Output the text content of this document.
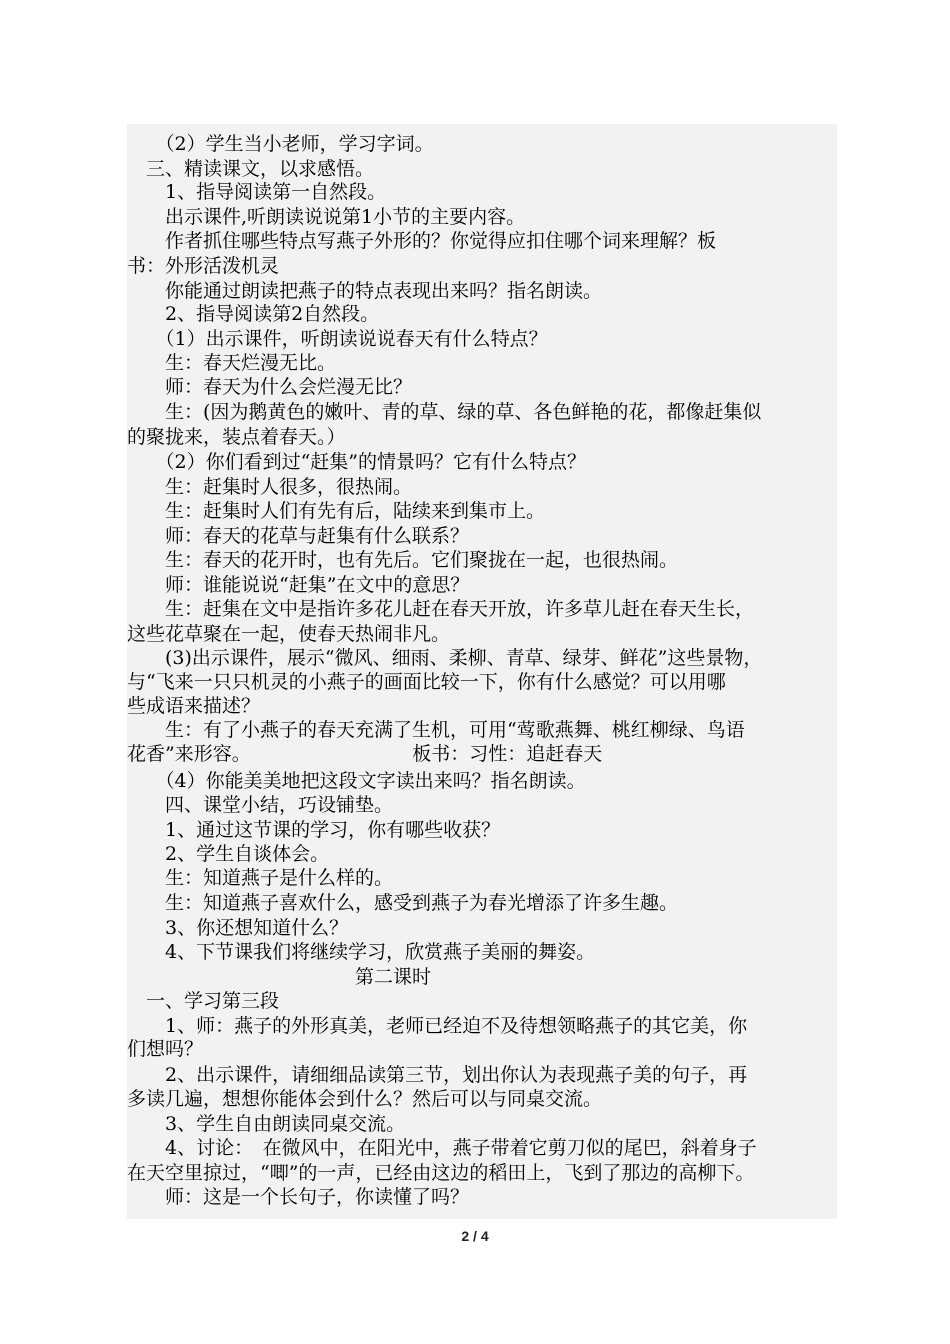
　　（2）学生当小老师，学习字词。
　三、精读课文，以求感悟。
　　1、指导阅读第一自然段。
　　出示课件,听朗读说说第1小节的主要内容。
　　作者抓住哪些特点写燕子外形的？你觉得应扣住哪个词来理解？板
书：外形活泼机灵
　　你能通过朗读把燕子的特点表现出来吗？指名朗读。
　　2、指导阅读第2自然段。
　　（1）出示课件，听朗读说说春天有什么特点？
　　生：春天烂漫无比。
　　师：春天为什么会烂漫无比？
　　生：(因为鹅黄色的嫩叶、青的草、绿的草、各色鲜艳的花，都像赶集似
的聚拢来，装点着春天。）
　　（2）你们看到过“赶集”的情景吗？它有什么特点？
　　生：赶集时人很多，很热闹。
　　生：赶集时人们有先有后，陆续来到集市上。
　　师：春天的花草与赶集有什么联系？
　　生：春天的花开时，也有先后。它们聚拢在一起，也很热闹。
　　师：谁能说说“赶集”在文中的意思？
　　生：赶集在文中是指许多花儿赶在春天开放，许多草儿赶在春天生长，
这些花草聚在一起，使春天热闹非凡。
　　(3)出示课件，展示“微风、细雨、柔柳、青草、绿芽、鲜花”这些景物，
与“飞来一只只机灵的小燕子的画面比较一下，你有什么感觉？可以用哪
些成语来描述？
　　生：有了小燕子的春天充满了生机，可用“莺歌燕舞、桃红柳绿、鸟语
花香”来形容。　　　　　　　　　板书：习性：追赶春天
　　（4）你能美美地把这段文字读出来吗？指名朗读。
　　四、课堂小结，巧设铺垫。
　　1、通过这节课的学习，你有哪些收获？
　　2、学生自谈体会。
　　生：知道燕子是什么样的。
　　生：知道燕子喜欢什么，感受到燕子为春光增添了许多生趣。
　　3、你还想知道什么？
　　4、下节课我们将继续学习，欣赏燕子美丽的舞姿。
　　　　　　　　　　　　第二课时
　一、学习第三段
　　1、师：燕子的外形真美，老师已经迫不及待想领略燕子的其它美，你
们想吗？
　　2、出示课件，请细细品读第三节，划出你认为表现燕子美的句子，再
多读几遍，想想你能体会到什么？然后可以与同桌交流。
　　3、学生自由朗读同桌交流。
　　4、讨论：　在微风中，在阳光中，燕子带着它剪刀似的尾巴，斜着身子
在天空里掠过，“唧”的一声，已经由这边的稻田上，飞到了那边的高柳下。
　　师：这是一个长句子，你读懂了吗？
2 / 4
